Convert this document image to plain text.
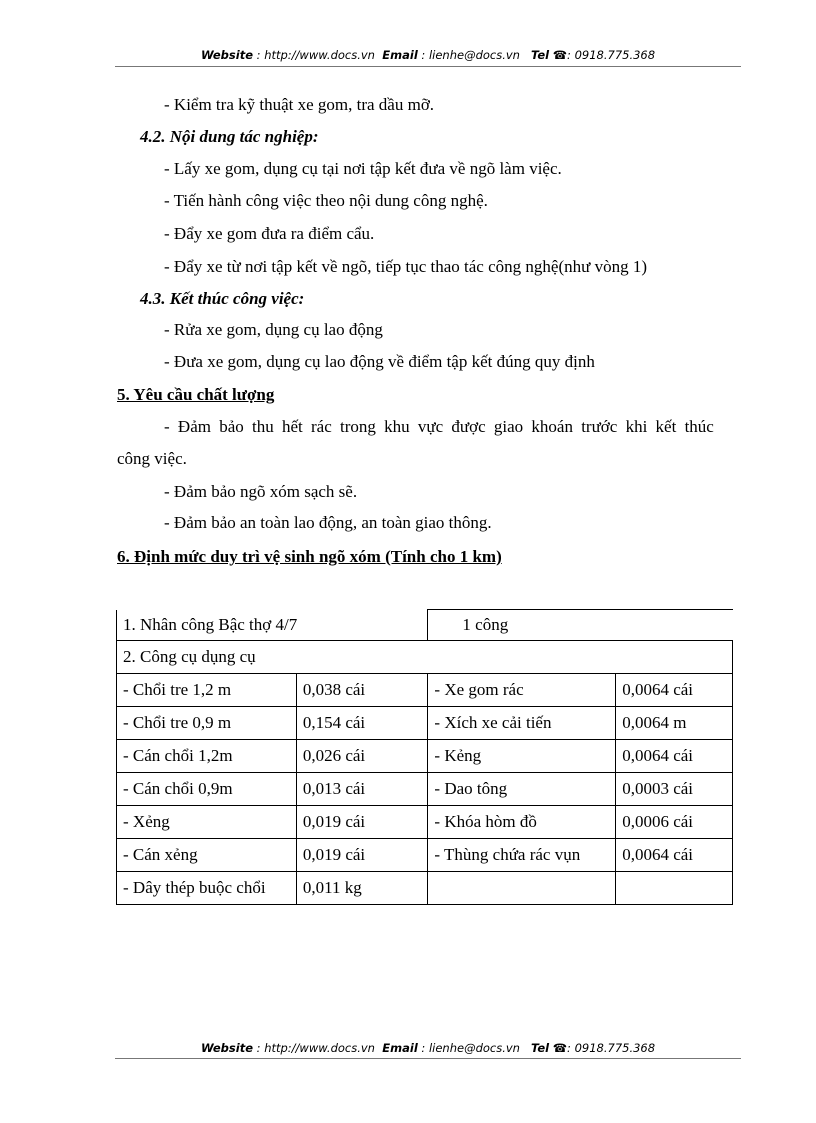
Website : http://www.docs.vn Email : lienhe@docs.vn Tel ☎: 0918.775.368
- Kiểm tra kỹ thuật xe gom, tra dầu mỡ.
4.2. Nội dung tác nghiệp:
- Lấy xe gom, dụng cụ tại nơi tập kết đưa về ngõ làm việc.
- Tiến hành công việc theo nội dung công nghệ.
- Đẩy xe gom đưa ra điểm cẩu.
- Đẩy xe từ nơi tập kết về ngõ, tiếp tục thao tác công nghệ(như vòng 1)
4.3. Kết thúc công việc:
- Rửa xe gom, dụng cụ lao động
- Đưa xe gom, dụng cụ lao động về điểm tập kết đúng quy định
5. Yêu cầu chất lượng
- Đảm bảo thu hết rác trong khu vực được giao khoán trước khi kết thúc
công việc.
- Đảm bảo ngõ xóm sạch sẽ.
- Đảm bảo an toàn lao động, an toàn giao thông.
6. Định mức duy trì vệ sinh ngõ xóm (Tính cho 1 km)
1. Nhân công Bậc thợ 4/7		1 công	
2. Công cụ dụng cụ			
- Chổi tre 1,2 m	0,038 cái	- Xe gom rác	0,0064 cái
- Chổi tre 0,9 m	0,154 cái	- Xích xe cải tiến	0,0064 m
- Cán chổi 1,2m	0,026 cái	- Kẻng	0,0064 cái
- Cán chổi 0,9m	0,013 cái	- Dao tông	0,0003 cái
- Xẻng	0,019 cái	- Khóa hòm đồ	0,0006 cái
- Cán xẻng	0,019 cái	- Thùng chứa rác vụn	0,0064 cái
- Dây thép buộc chổi	0,011 kg		
Website : http://www.docs.vn Email : lienhe@docs.vn Tel ☎: 0918.775.368
